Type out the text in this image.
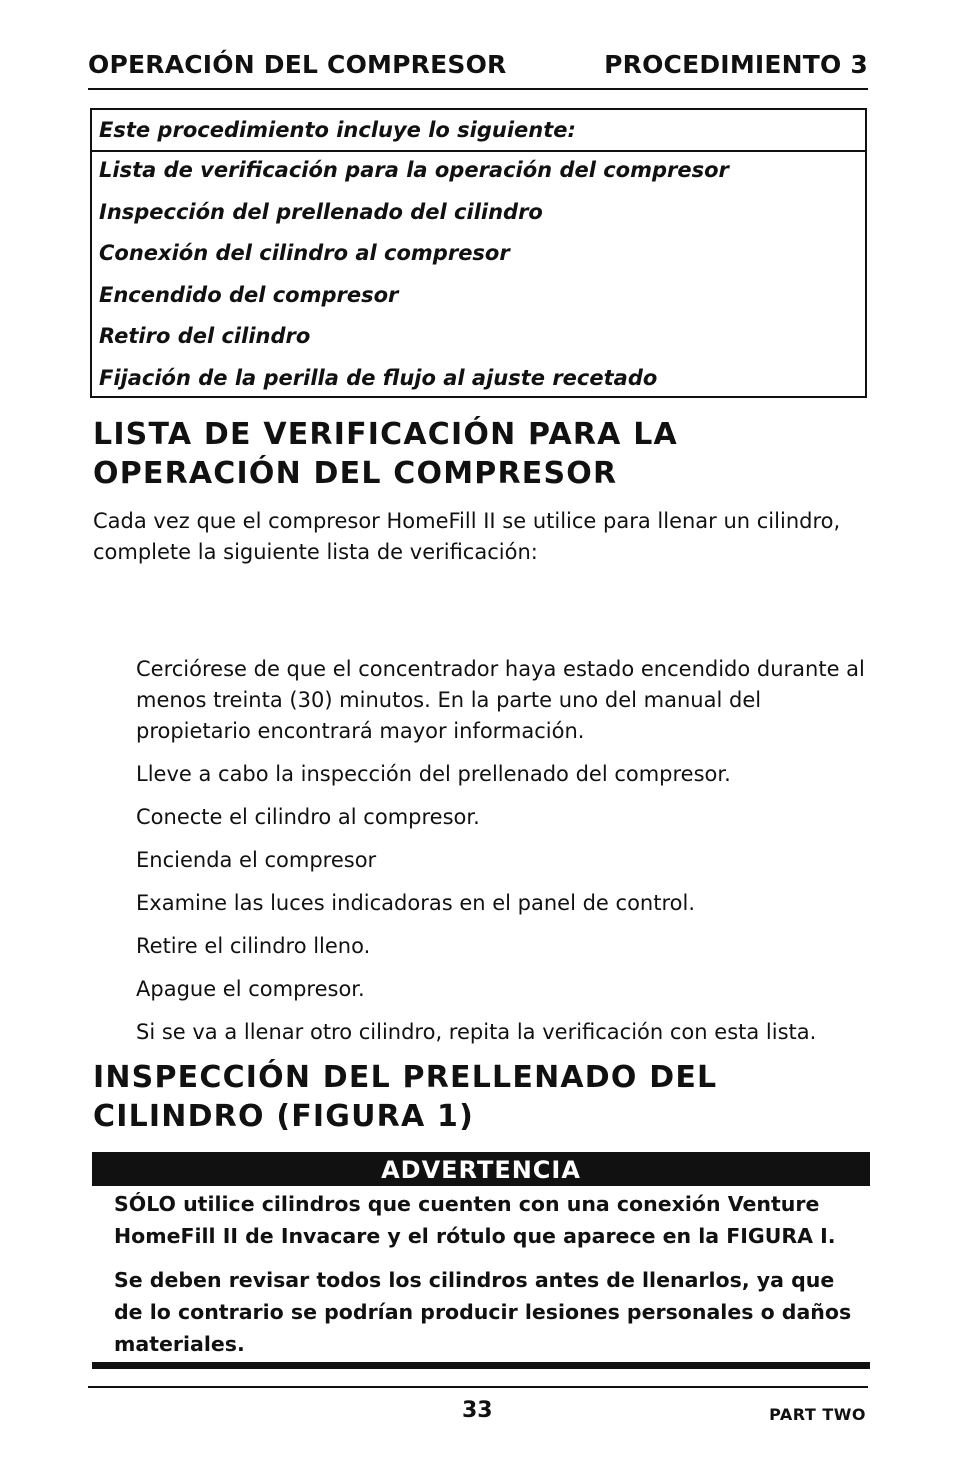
OPERACIÓN DEL COMPRESOR	PROCEDIMIENTO 3
Este procedimiento incluye lo siguiente:
Lista de verificación para la operación del compresor
Inspección del prellenado del cilindro
Conexión del cilindro al compresor
Encendido del compresor
Retiro del cilindro
Fijación de la perilla de flujo al ajuste recetado
LISTA DE VERIFICACIÓN PARA LA OPERACIÓN DEL COMPRESOR
Cada vez que el compresor HomeFill II se utilice para llenar un cilindro, complete la siguiente lista de verificación:

Cerciórese de que el concentrador haya estado encendido durante al menos treinta (30) minutos. En la parte uno del manual del propietario encontrará mayor información.

Lleve a cabo la inspección del prellenado del compresor.

Conecte el cilindro al compresor.

Encienda el compresor

Examine las luces indicadoras en el panel de control.

Retire el cilindro lleno.

Apague el compresor.

Si se va a llenar otro cilindro, repita la verificación con esta lista.

INSPECCIÓN DEL PRELLENADO DEL CILINDRO (FIGURA 1)
ADVERTENCIA

SÓLO utilice cilindros que cuenten con una conexión Venture HomeFill II de Invacare y el rótulo que aparece en la FIGURA I.

Se deben revisar todos los cilindros antes de llenarlos, ya que de lo contrario se podrían producir lesiones personales o daños materiales.

33	PART TWO
